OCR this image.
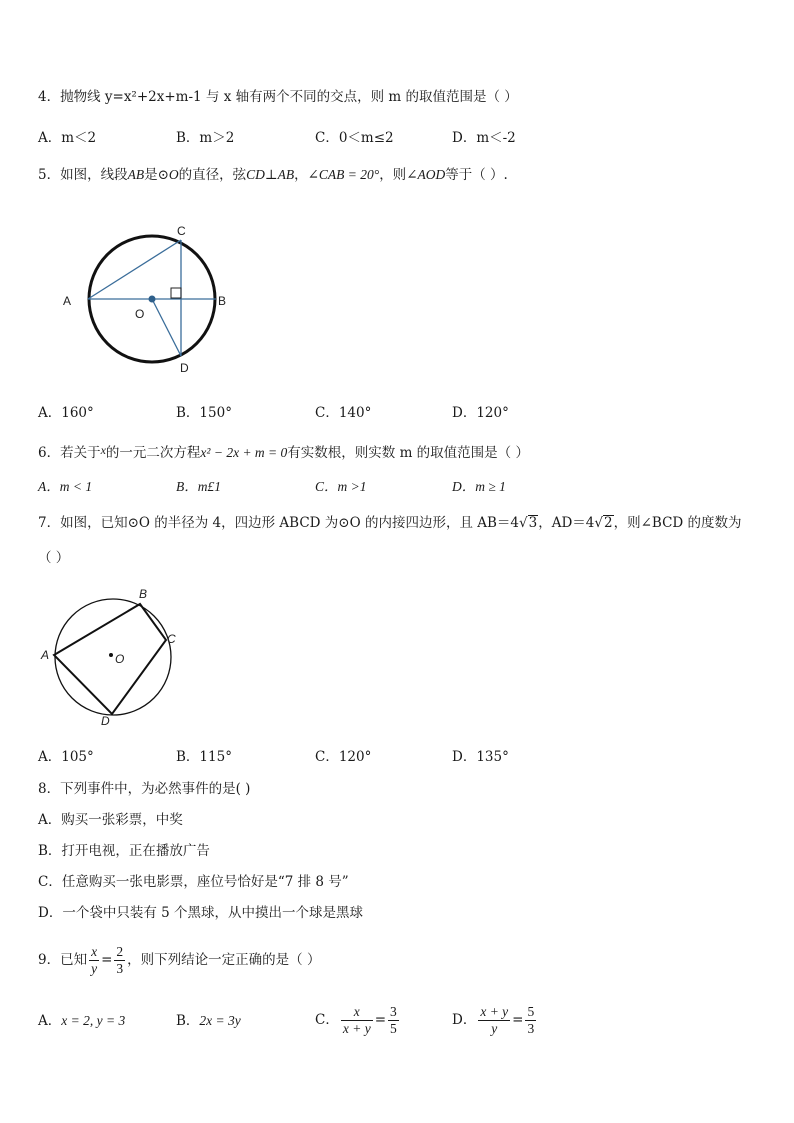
4．抛物线 y=x²+2x+m-1 与 x 轴有两个不同的交点，则 m 的取值范围是（ ）
A．m＜2	B．m＞2	C．0＜m≤2	D．m＜-2
5．如图，线段AB是⊙O的直径，弦CD⊥AB，∠CAB = 20°，则∠AOD等于（ ）.
A	B
C
D
O
A．160°	B．150°	C．140°	D．120°
6．若关于x的一元二次方程x² − 2x + m = 0有实数根，则实数 m 的取值范围是（ ）
A．m < 1	B．m£1	C．m >1	D．m ≥ 1
7．如图，已知⊙O 的半径为 4，四边形 ABCD 为⊙O 的内接四边形，且 AB＝4√3，AD＝4√2，则∠BCD 的度数为
（ ）
A
B
C
D
O
A．105°	B．115°	C．120°	D．135°
8．下列事件中，为必然事件的是( )
A．购买一张彩票，中奖
B．打开电视，正在播放广告
C．任意购买一张电影票，座位号恰好是“7 排 8 号”
D．一个袋中只装有 5 个黑球，从中摸出一个球是黑球
9．已知 $\frac{x}{y} = \frac{2}{3}$ ，则下列结论一定正确的是（ ）
A．x = 2, y = 3	B．2x = 3y	C． $\frac{x}{x + y} = \frac{3}{5}$	D． $\frac{x + y}{y} = \frac{5}{3}$
